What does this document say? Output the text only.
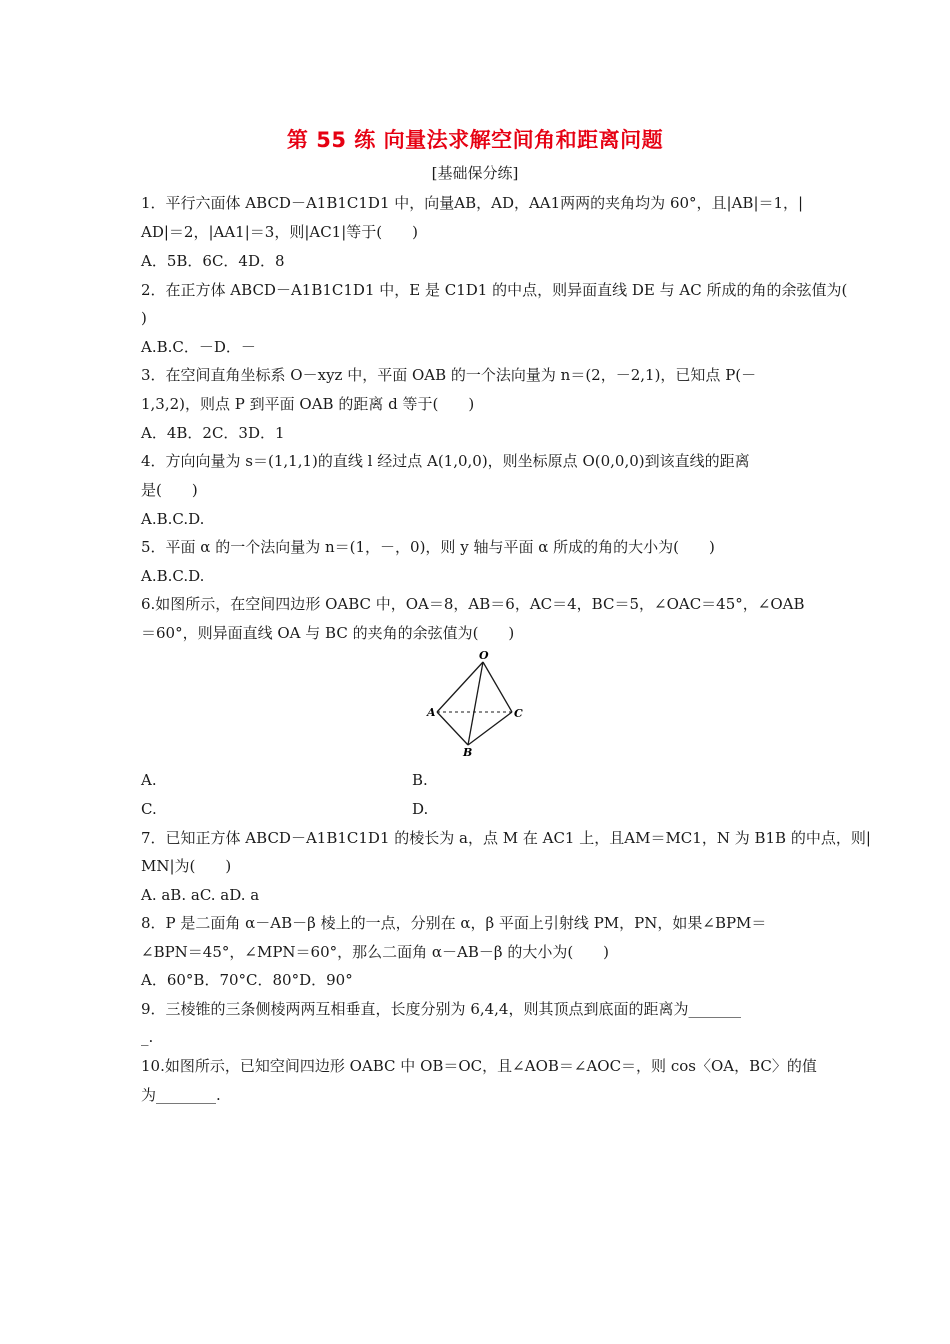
第 55 练 向量法求解空间角和距离问题
[基础保分练]
1．平行六面体 ABCD－A1B1C1D1 中，向量AB，AD，AA1两两的夹角均为 60°，且|AB|＝1，|
AD|＝2，|AA1|＝3，则|AC1|等于(　　)
A．5B．6C．4D．8
2．在正方体 ABCD－A1B1C1D1 中，E 是 C1D1 的中点，则异面直线 DE 与 AC 所成的角的余弦值为(
)
A.B.C．－D．－
3．在空间直角坐标系 O－xyz 中，平面 OAB 的一个法向量为 n＝(2，－2,1)，已知点 P(－
1,3,2)，则点 P 到平面 OAB 的距离 d 等于(　　)
A．4B．2C．3D．1
4．方向向量为 s＝(1,1,1)的直线 l 经过点 A(1,0,0)，则坐标原点 O(0,0,0)到该直线的距离
是(　　)
A.B.C.D.
5．平面 α 的一个法向量为 n＝(1，－，0)，则 y 轴与平面 α 所成的角的大小为(　　)
A.B.C.D.
6.如图所示，在空间四边形 OABC 中，OA＝8，AB＝6，AC＝4，BC＝5，∠OAC＝45°，∠OAB
＝60°，则异面直线 OA 与 BC 的夹角的余弦值为(　　)
O
A	C
B
A.	B.
C.	D.
7．已知正方体 ABCD－A1B1C1D1 的棱长为 a，点 M 在 AC1 上，且AM＝MC1，N 为 B1B 的中点，则|
MN|为(　　)
A. aB. aC. aD. a
8．P 是二面角 α－AB－β 棱上的一点，分别在 α，β 平面上引射线 PM，PN，如果∠BPM＝
∠BPN＝45°，∠MPN＝60°，那么二面角 α－AB－β 的大小为(　　)
A．60°B．70°C．80°D．90°
9．三棱锥的三条侧棱两两互相垂直，长度分别为 6,4,4，则其顶点到底面的距离为_______
_.
10.如图所示，已知空间四边形 OABC 中 OB＝OC，且∠AOB＝∠AOC＝，则 cos〈OA，BC〉的值
为________.
